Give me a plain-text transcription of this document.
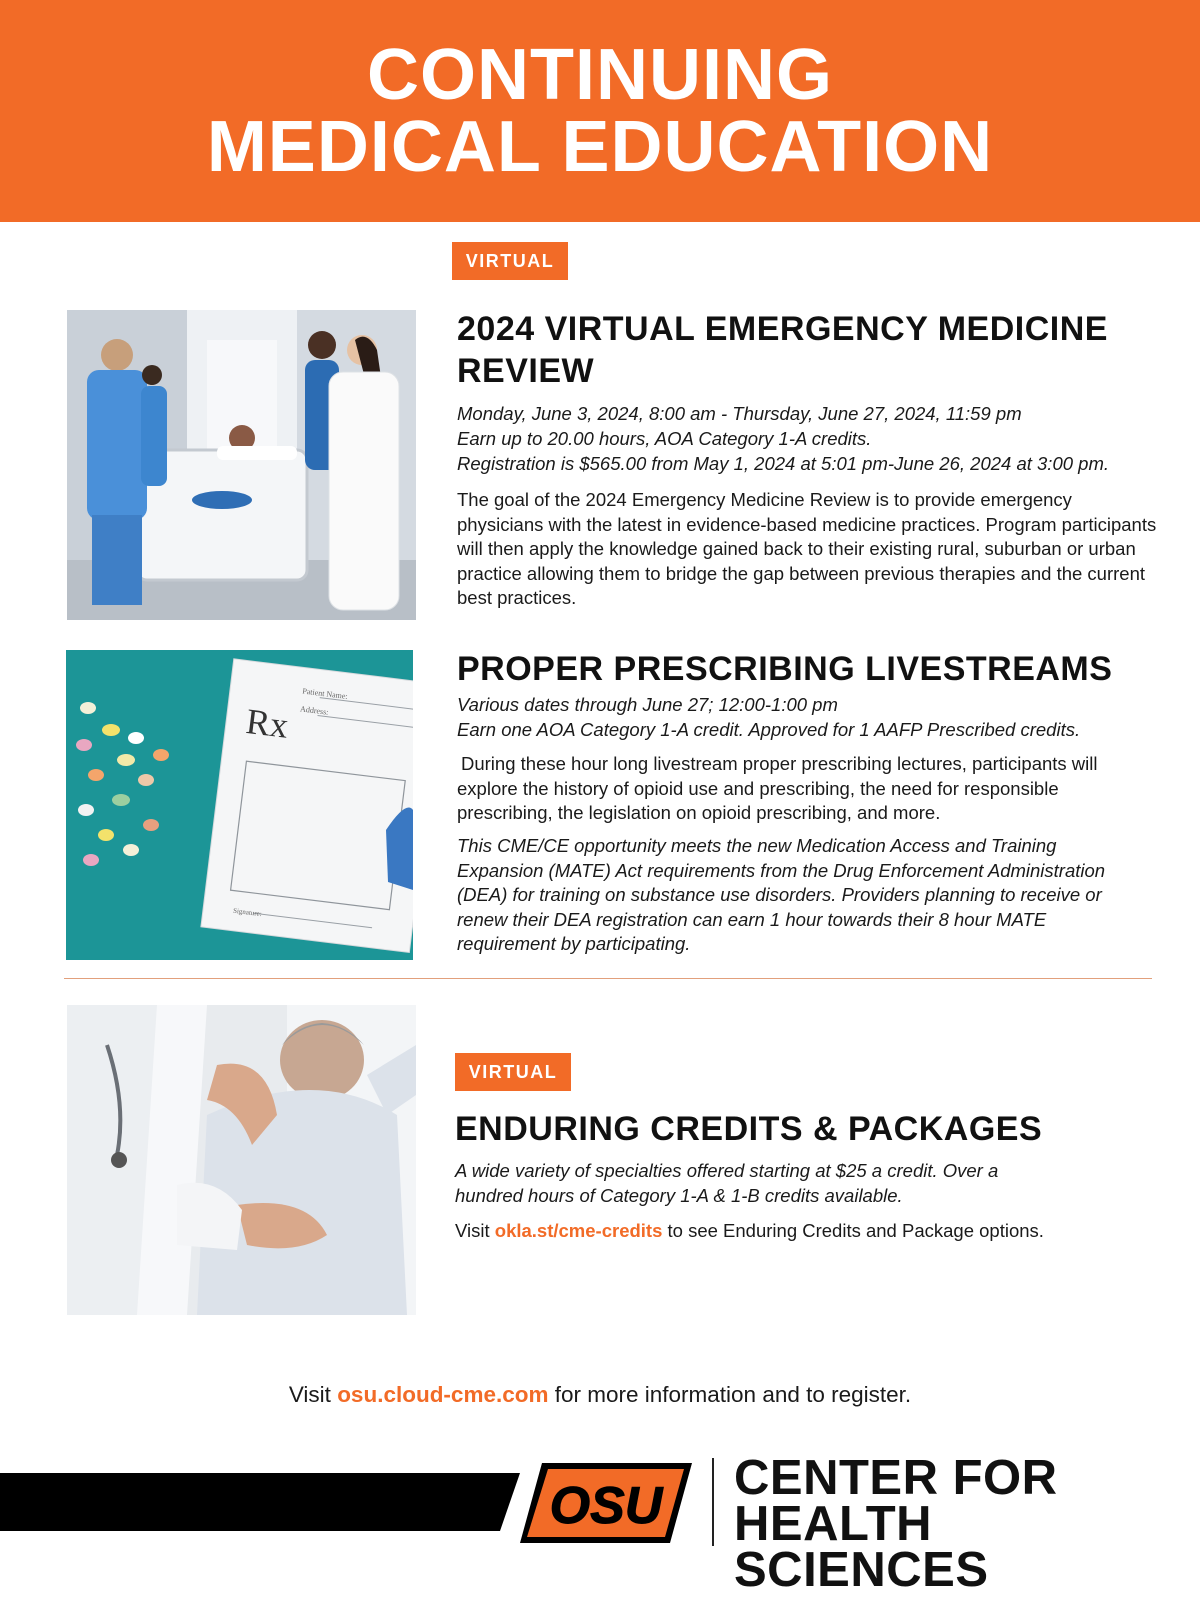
CONTINUING
MEDICAL EDUCATION
VIRTUAL
2024 VIRTUAL EMERGENCY MEDICINE
REVIEW
Monday, June 3, 2024, 8:00 am - Thursday, June 27, 2024, 11:59 pm
Earn up to 20.00 hours, AOA Category 1-A credits.
Registration is $565.00 from May 1, 2024 at 5:01 pm-June 26, 2024 at 3:00 pm.

The goal of the 2024 Emergency Medicine Review is to provide emergency physicians with the latest in evidence-based medicine practices. Program participants will then apply the knowledge gained back to their existing rural, suburban or urban practice allowing them to bridge the gap between previous therapies and the current best practices.

Patient Name:
Address:
Signature:
Rx
PROPER PRESCRIBING LIVESTREAMS
Various dates through June 27; 12:00-1:00 pm
Earn one AOA Category 1-A credit. Approved for 1 AAFP Prescribed credits.

During these hour long livestream proper prescribing lectures, participants will explore the history of opioid use and prescribing, the need for responsible prescribing, the legislation on opioid prescribing, and more.

This CME/CE opportunity meets the new Medication Access and Training Expansion (MATE) Act requirements from the Drug Enforcement Administration (DEA) for training on substance use disorders. Providers planning to receive or renew their DEA registration can earn 1 hour towards their 8 hour MATE requirement by participating.

VIRTUAL
ENDURING CREDITS & PACKAGES
A wide variety of specialties offered starting at $25 a credit. Over a
hundred hours of Category 1-A & 1-B credits available.
Visit okla.st/cme-credits to see Enduring Credits and Package options.
Visit osu.cloud-cme.com for more information and to register.
OSU CENTER FOR
HEALTH SCIENCES
